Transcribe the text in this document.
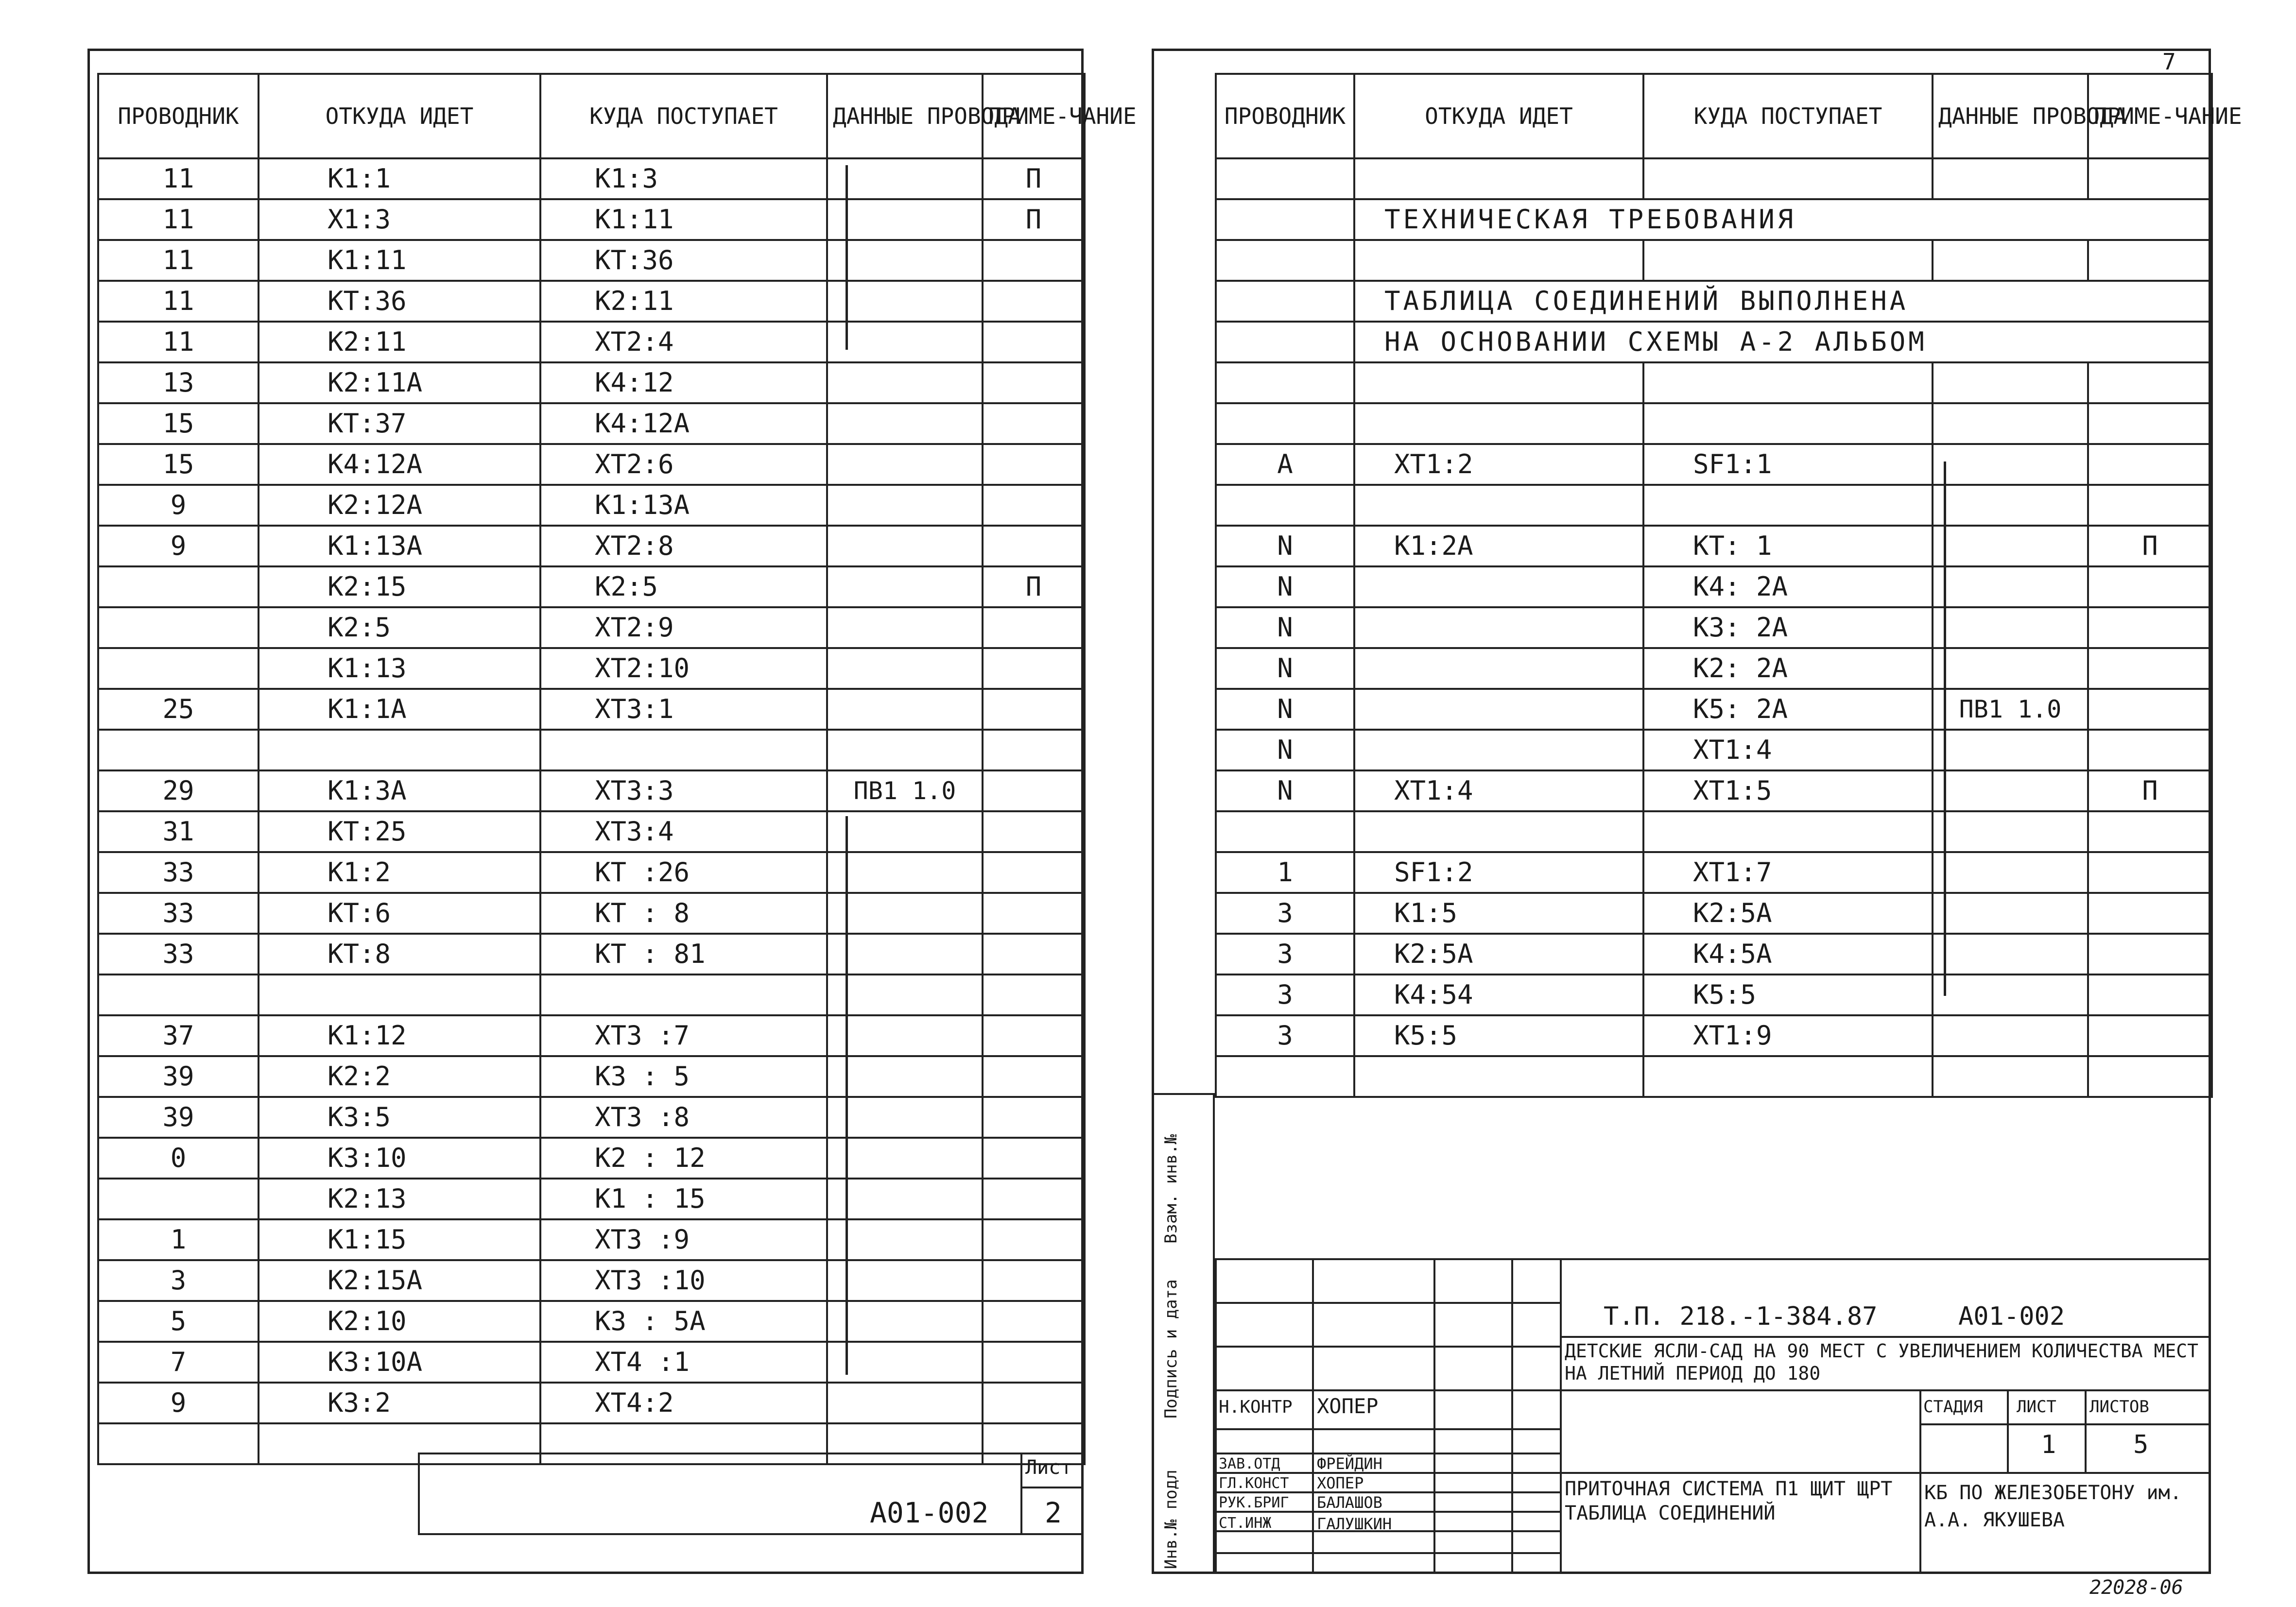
ПРОВОДНИК	ОТКУДА ИДЕТ	КУДА ПОСТУПАЕТ	ДАННЫЕ ПРОВОДА	ПРИМЕ-ЧАНИЕ
11	К1:1	К1:3		П
11	Х1:3	К1:11		П
11	К1:11	КТ:36		
11	КТ:36	К2:11		
11	К2:11	ХТ2:4		
13	К2:11А	К4:12		
15	КТ:37	К4:12А		
15	К4:12А	ХТ2:6		
9	К2:12А	К1:13А		
9	К1:13А	ХТ2:8		
	К2:15	К2:5		П
	К2:5	ХТ2:9		
	К1:13	ХТ2:10		
25	К1:1А	ХТ3:1		

29	К1:3А	ХТ3:3	ПВ1 1.0	
31	КТ:25	ХТ3:4		
33	К1:2	КТ :26		
33	КТ:6	КТ : 8		
33	КТ:8	КТ : 81		

37	К1:12	ХТ3 :7		
39	К2:2	К3 : 5		
39	К3:5	ХТ3 :8		
0	К3:10	К2 : 12		
	К2:13	К1 : 15		
1	К1:15	ХТ3 :9		
3	К2:15А	ХТ3 :10		
5	К2:10	К3 : 5А		
7	К3:10А	ХТ4 :1		
9	К3:2	ХТ4:2		

А01-002
Лист
2
7
ПРОВОДНИК	ОТКУДА ИДЕТ	КУДА ПОСТУПАЕТ	ДАННЫЕ ПРОВОДА	ПРИМЕ-ЧАНИЕ

	ТЕХНИЧЕСКАЯ ТРЕБОВАНИЯ			

	ТАБЛИЦА СОЕДИНЕНИЙ ВЫПОЛНЕНА			
	НА ОСНОВАНИИ СХЕМЫ А-2 АЛЬБОМ			

А	ХТ1:2	SF1:1		

N	К1:2А	КТ: 1		П
N		К4: 2А		
N		К3: 2А		
N		К2: 2А		
N		К5: 2А	ПВ1 1.0	
N		ХТ1:4		
N	ХТ1:4	ХТ1:5		П

1	SF1:2	ХТ1:7		
3	К1:5	К2:5А		
3	К2:5А	К4:5А		
3	К4:54	К5:5		
3	К5:5	ХТ1:9		

Инв.№ подл
Подпись и дата
Взам. инв.№
Т.П. 218.-1-384.87	А01-002
ДЕТСКИЕ ЯСЛИ-САД НА 90 МЕСТ С УВЕЛИЧЕНИЕМ КОЛИЧЕСТВА МЕСТ НА ЛЕТНИЙ ПЕРИОД ДО 180
Н.КОНТР ХОПЕР
ЗАВ.ОТД ФРЕЙДИН
ГЛ.КОНСТ ХОПЕР
РУК.БРИГ БАЛАШОВ
СТ.ИНЖ	ГАЛУШКИН
СТАДИЯ ЛИСТ ЛИСТОВ
1	5
ПРИТОЧНАЯ СИСТЕМА П1 ЩИТ ЩРТ ТАБЛИЦА СОЕДИНЕНИЙ
КБ ПО ЖЕЛЕЗОБЕТОНУ им. А.А. ЯКУШЕВА
22028-06
